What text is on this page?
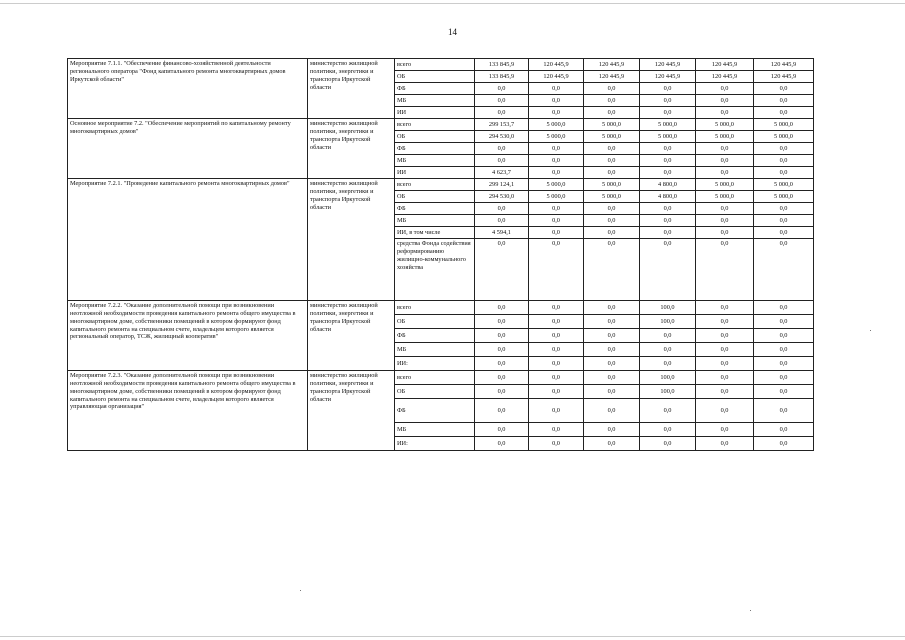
14
Мероприятие 7.1.1. "Обеспечение финансово-хозяйственной деятельности регионального оператора "Фонд капитального ремонта многоквартирных домов Иркутской области"	министерство жилищной политики, энергетики и транспорта Иркутской области	всего	133 845,9	120 445,9	120 445,9	120 445,9	120 445,9	120 445,9
		ОБ	133 845,9	120 445,9	120 445,9	120 445,9	120 445,9	120 445,9
		ФБ	0,0	0,0	0,0	0,0	0,0	0,0
		МБ	0,0	0,0	0,0	0,0	0,0	0,0
		ИИ	0,0	0,0	0,0	0,0	0,0	0,0
Основное мероприятие 7.2. "Обеспечение мероприятий по капитальному ремонту многоквартирных домов"	министерство жилищной политики, энергетики и транспорта Иркутской области	всего	299 153,7	5 000,0	5 000,0	5 000,0	5 000,0	5 000,0
		ОБ	294 530,0	5 000,0	5 000,0	5 000,0	5 000,0	5 000,0
		ФБ	0,0	0,0	0,0	0,0	0,0	0,0
		МБ	0,0	0,0	0,0	0,0	0,0	0,0
		ИИ	4 623,7	0,0	0,0	0,0	0,0	0,0
Мероприятие 7.2.1. "Проведение капитального ремонта многоквартирных домов"	министерство жилищной политики, энергетики и транспорта Иркутской области	всего	299 124,1	5 000,0	5 000,0	4 800,0	5 000,0	5 000,0
		ОБ	294 530,0	5 000,0	5 000,0	4 800,0	5 000,0	5 000,0
		ФБ	0,0	0,0	0,0	0,0	0,0	0,0
		МБ	0,0	0,0	0,0	0,0	0,0	0,0
		ИИ, в том числе	4 594,1	0,0	0,0	0,0	0,0	0,0
		средства Фонда содействия реформированию жилищно-коммунального хозяйства	0,0	0,0	0,0	0,0	0,0	0,0
Мероприятие 7.2.2. "Оказание дополнительной помощи при возникновении неотложной необходимости проведения капитального ремонта общего имущества в многоквартирном доме, собственники помещений в котором формируют фонд капитального ремонта на специальном счете, владельцем которого является региональный оператор, ТСЖ, жилищный кооператив"	министерство жилищной политики, энергетики и транспорта Иркутской области	всего	0,0	0,0	0,0	100,0	0,0	0,0
		ОБ	0,0	0,0	0,0	100,0	0,0	0,0
		ФБ	0,0	0,0	0,0	0,0	0,0	0,0
		МБ	0,0	0,0	0,0	0,0	0,0	0,0
		ИИ:	0,0	0,0	0,0	0,0	0,0	0,0
Мероприятие 7.2.3. "Оказание дополнительной помощи при возникновении неотложной необходимости проведения капитального ремонта общего имущества в многоквартирном доме, собственники помещений в котором формируют фонд капитального ремонта на специальном счете, владельцем которого является управляющая организация"	министерство жилищной политики, энергетики и транспорта Иркутской области	всего	0,0	0,0	0,0	100,0	0,0	0,0
		ОБ	0,0	0,0	0,0	100,0	0,0	0,0
		ФБ	0,0	0,0	0,0	0,0	0,0	0,0
		МБ	0,0	0,0	0,0	0,0	0,0	0,0
		ИИ:	0,0	0,0	0,0	0,0	0,0	0,0
